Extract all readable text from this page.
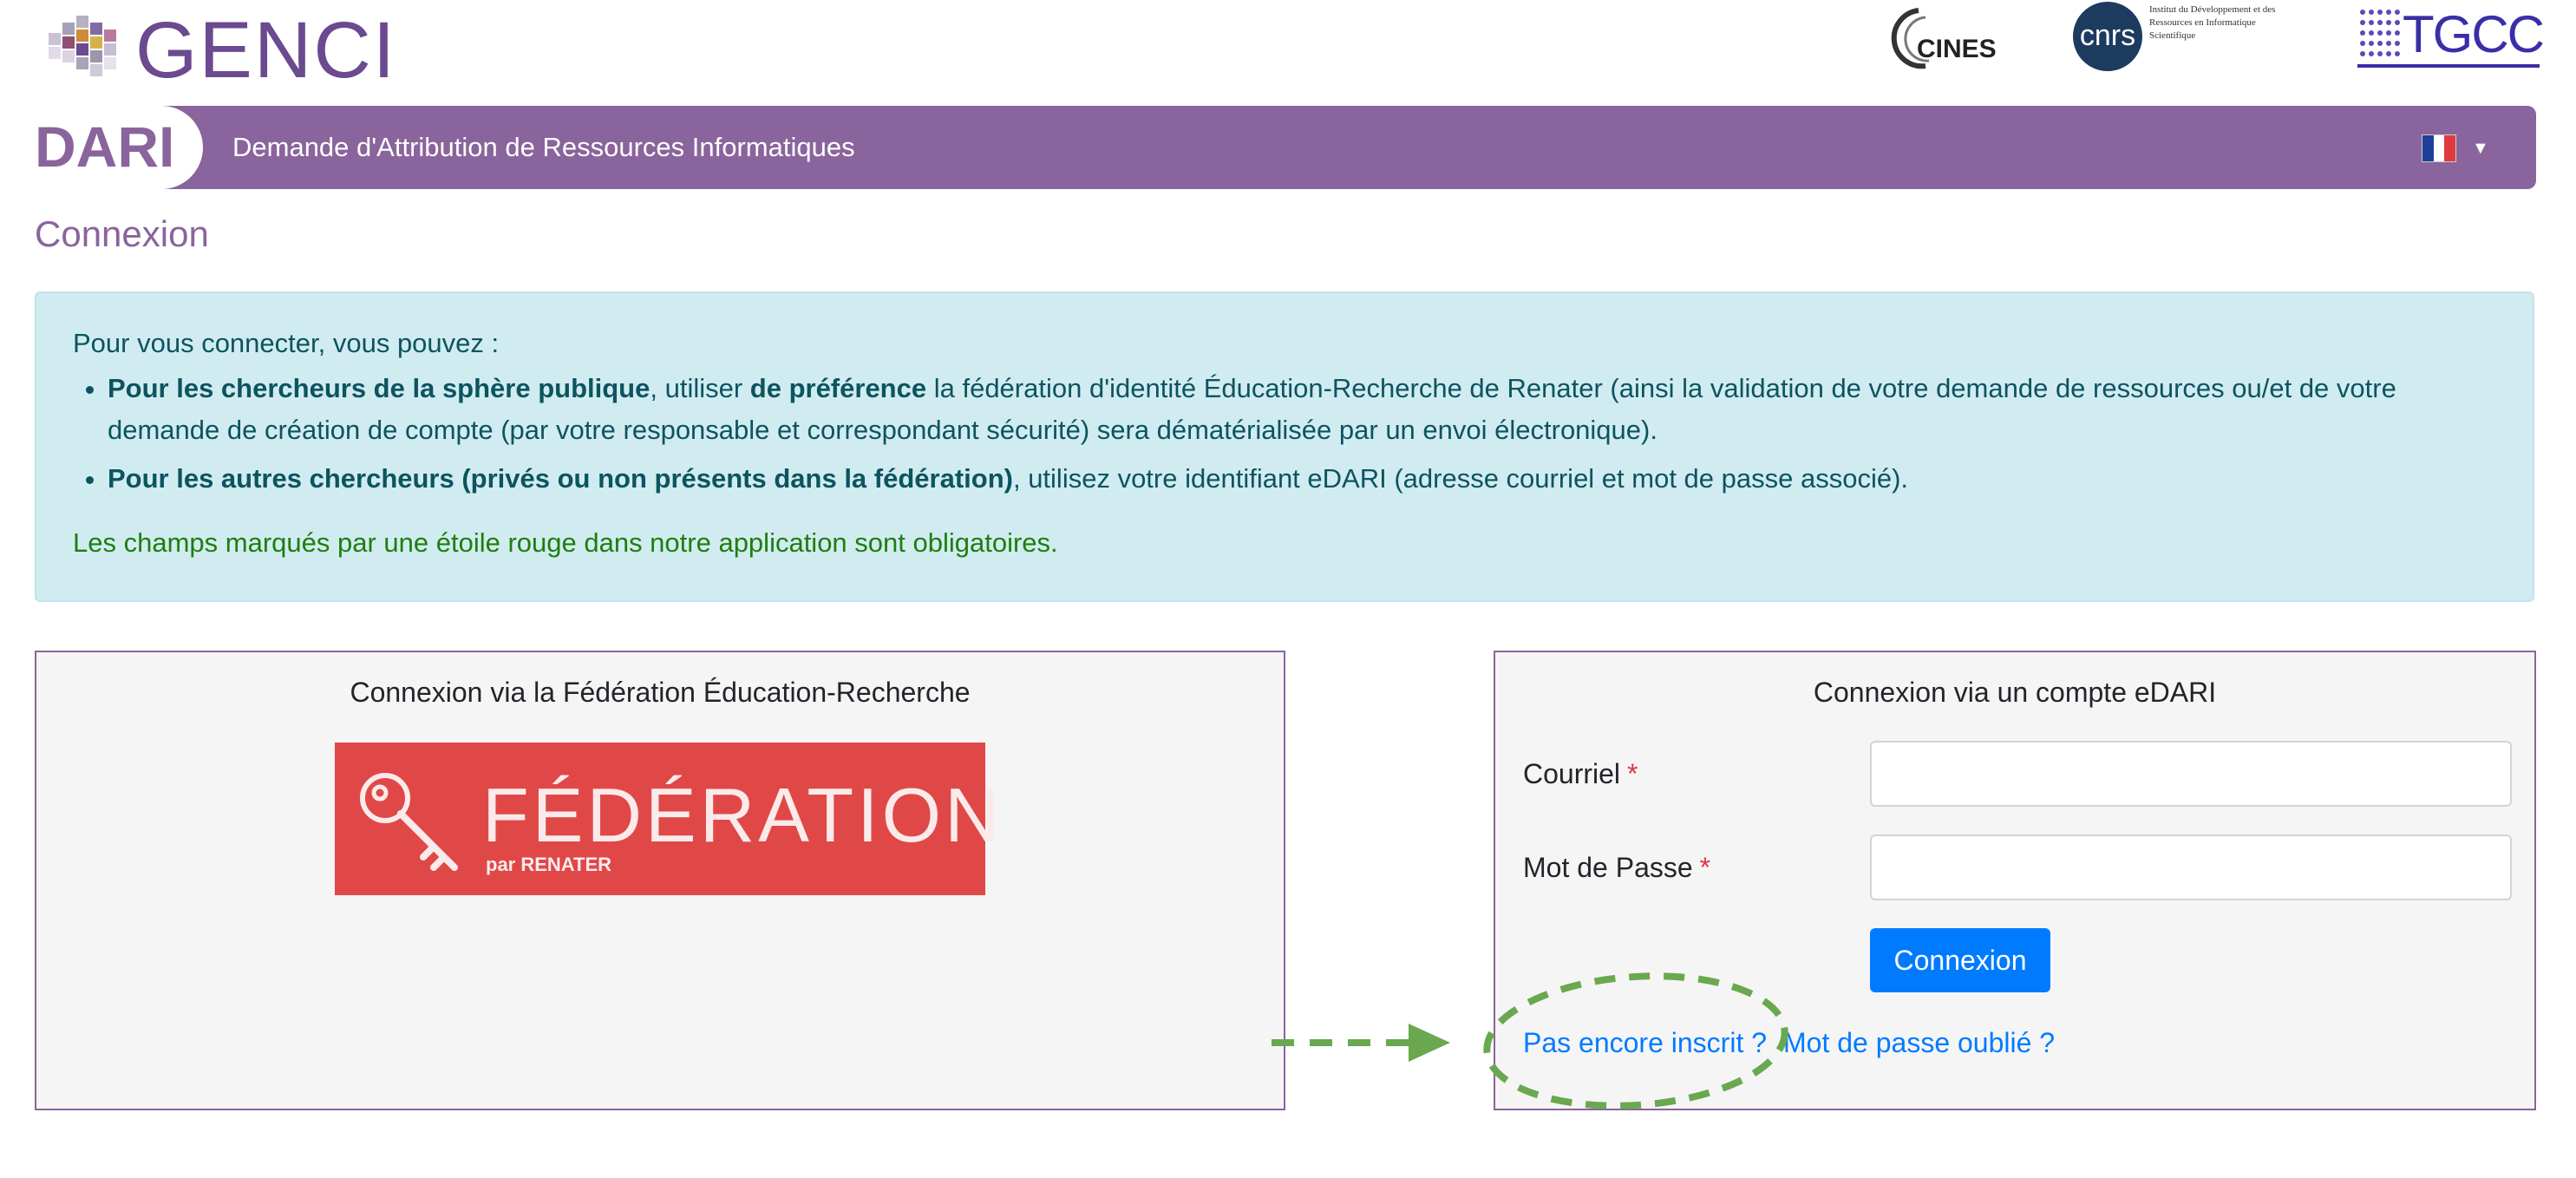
GENCI	CINES	cnrs
Institut du Développement et des Ressources en Informatique Scientifique	TGCC
DARI Demande d'Attribution de Ressources Informatiques	▼
Connexion
Pour vous connecter, vous pouvez :
• Pour les chercheurs de la sphère publique, utiliser de préférence la fédération d'identité Éducation-Recherche de Renater (ainsi la validation de votre demande de ressources ou/et de votre demande de création de compte (par votre responsable et correspondant sécurité) sera dématérialisée par un envoi électronique).
• Pour les autres chercheurs (privés ou non présents dans la fédération), utilisez votre identifiant eDARI (adresse courriel et mot de passe associé).
Les champs marqués par une étoile rouge dans notre application sont obligatoires.
Connexion via la Fédération Éducation-Recherche
FÉDÉRATION
par RENATER
Connexion via un compte eDARI
Courriel *
Mot de Passe *
Connexion
Pas encore inscrit ? Mot de passe oublié ?
